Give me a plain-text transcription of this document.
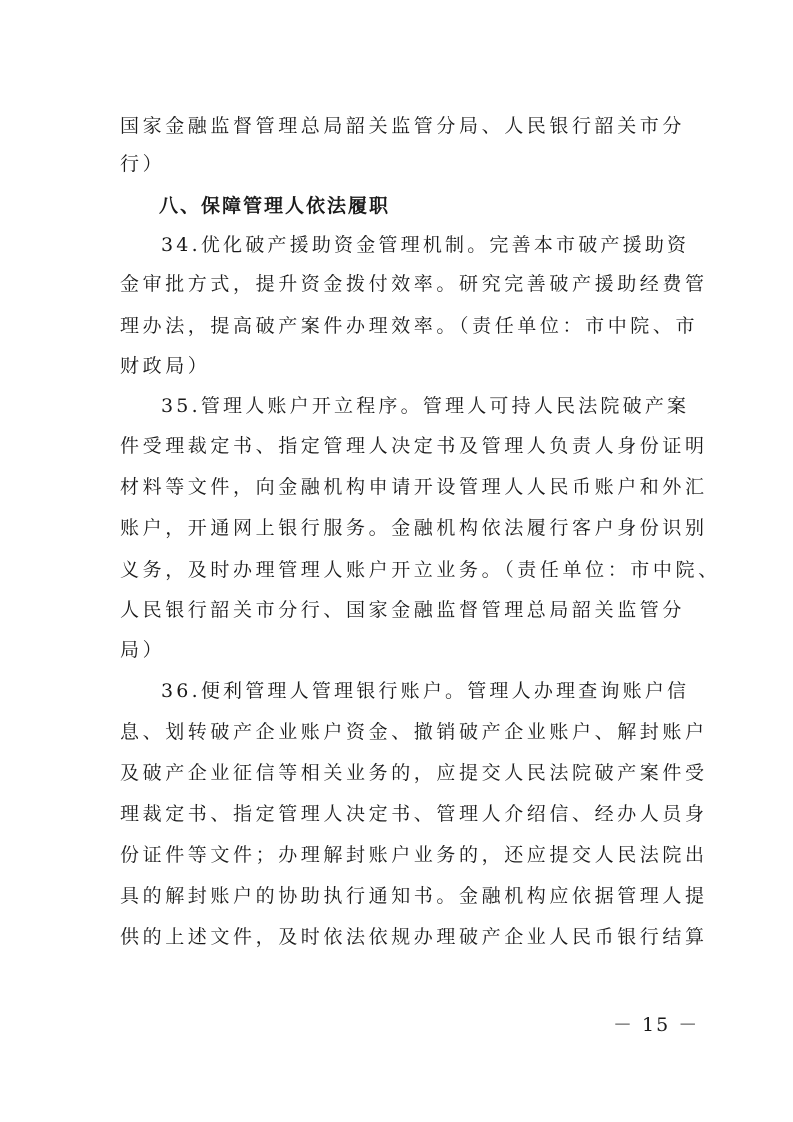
国家金融监督管理总局韶关监管分局、人民银行韶关市分
行）
八、保障管理人依法履职
34.优化破产援助资金管理机制。完善本市破产援助资
金审批方式，提升资金拨付效率。研究完善破产援助经费管
理办法，提高破产案件办理效率。（责任单位：市中院、市
财政局）
35.管理人账户开立程序。管理人可持人民法院破产案
件受理裁定书、指定管理人决定书及管理人负责人身份证明
材料等文件，向金融机构申请开设管理人人民币账户和外汇
账户，开通网上银行服务。金融机构依法履行客户身份识别
义务，及时办理管理人账户开立业务。（责任单位：市中院、
人民银行韶关市分行、国家金融监督管理总局韶关监管分
局）
36.便利管理人管理银行账户。管理人办理查询账户信
息、划转破产企业账户资金、撤销破产企业账户、解封账户
及破产企业征信等相关业务的，应提交人民法院破产案件受
理裁定书、指定管理人决定书、管理人介绍信、经办人员身
份证件等文件；办理解封账户业务的，还应提交人民法院出
具的解封账户的协助执行通知书。金融机构应依据管理人提
供的上述文件，及时依法依规办理破产企业人民币银行结算
－ 15 －
